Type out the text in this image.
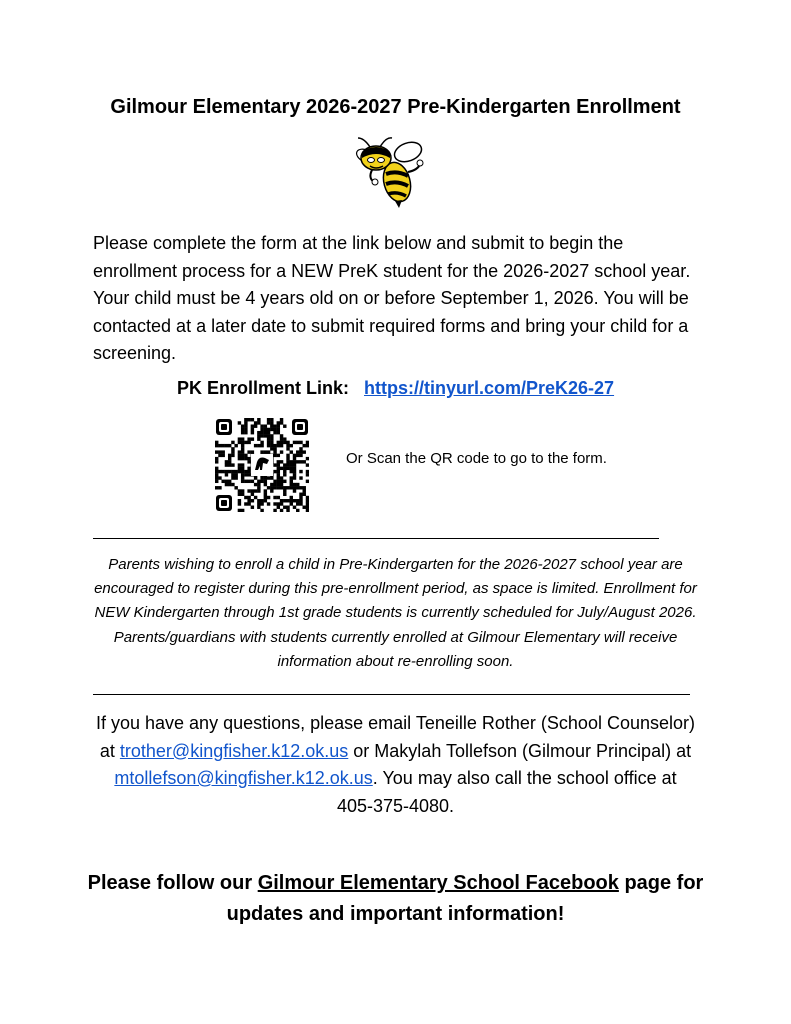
Gilmour Elementary 2026-2027 Pre-Kindergarten Enrollment
Please complete the form at the link below and submit to begin the enrollment process for a NEW PreK student for the 2026-2027 school year. Your child must be 4 years old on or before September 1, 2026. You will be contacted at a later date to submit required forms and bring your child for a screening.
PK Enrollment Link: https://tinyurl.com/PreK26-27
Or Scan the QR code to go to the form.
Parents wishing to enroll a child in Pre-Kindergarten for the 2026-2027 school year are encouraged to register during this pre-enrollment period, as space is limited. Enrollment for NEW Kindergarten through 1st grade students is currently scheduled for July/August 2026. Parents/guardians with students currently enrolled at Gilmour Elementary will receive information about re-enrolling soon.
If you have any questions, please email Teneille Rother (School Counselor) at trother@kingfisher.k12.ok.us or Makylah Tollefson (Gilmour Principal) at mtollefson@kingfisher.k12.ok.us. You may also call the school office at 405-375-4080.
Please follow our Gilmour Elementary School Facebook page for updates and important information!
